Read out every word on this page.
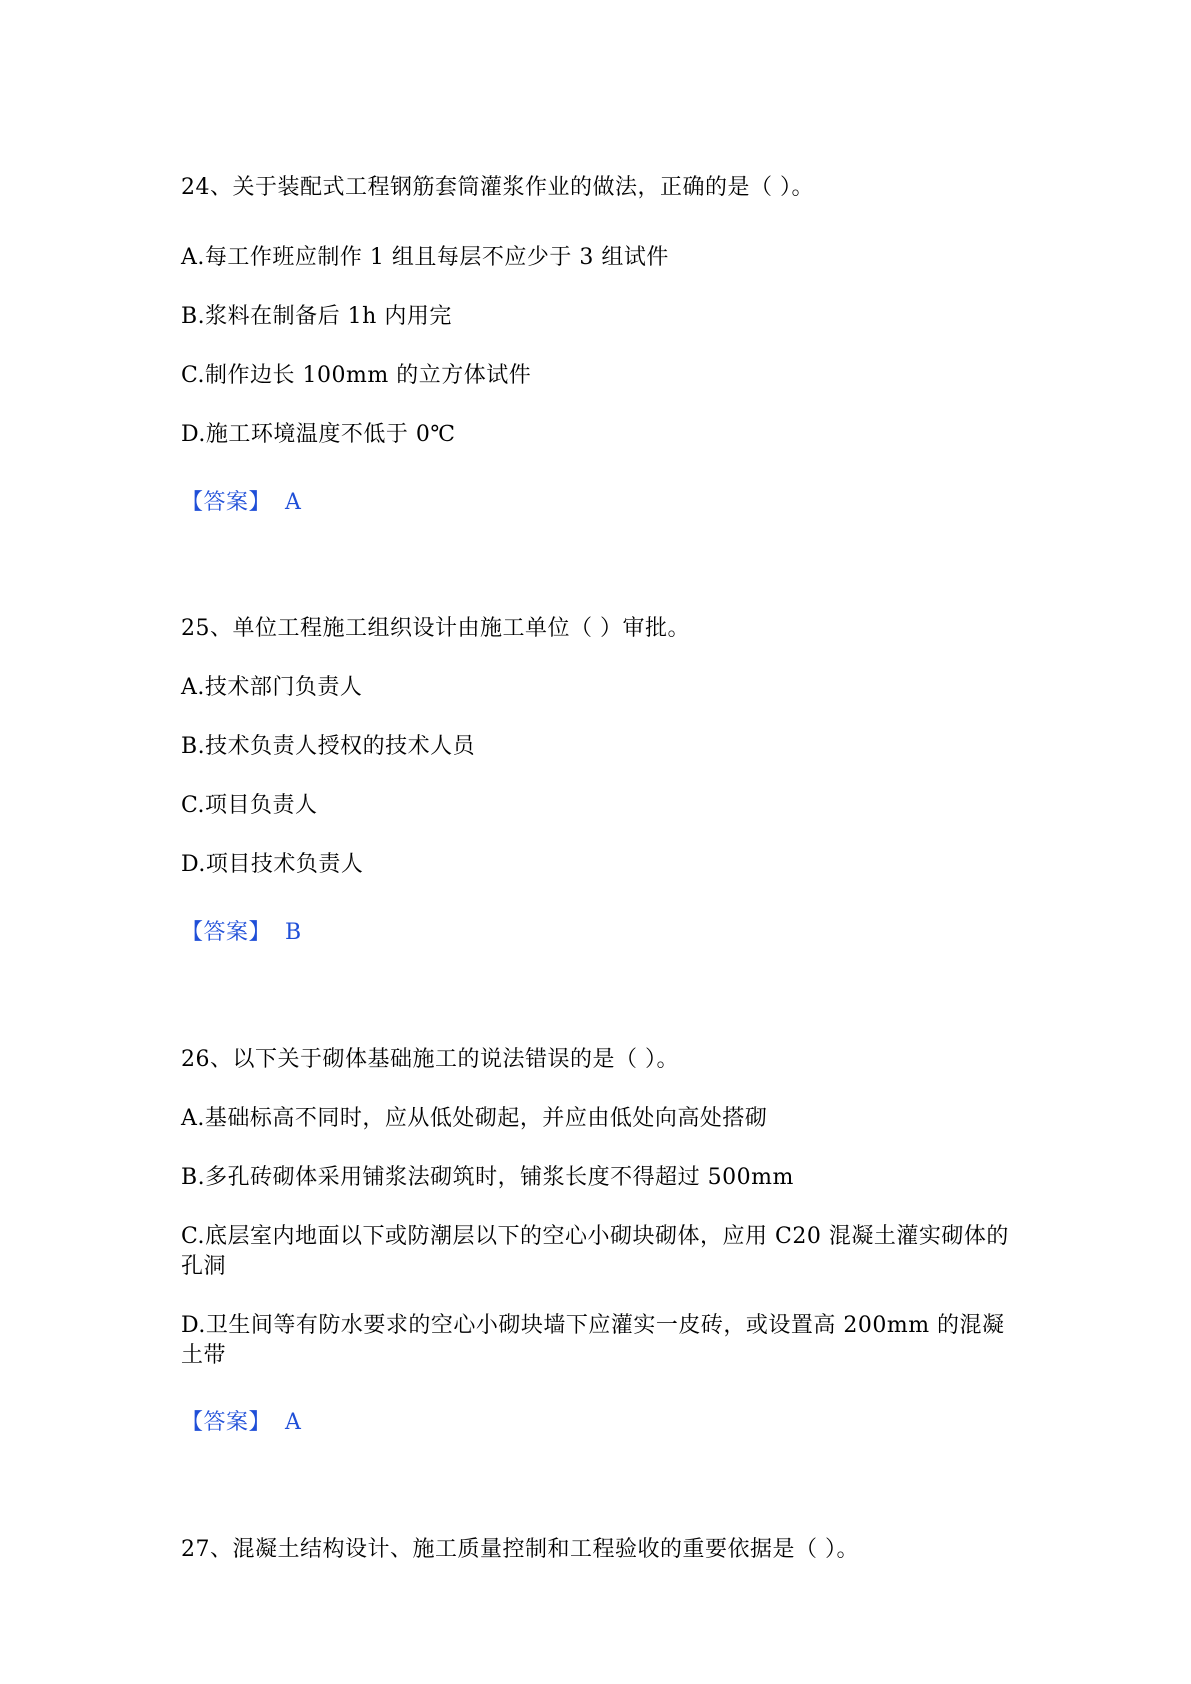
24、关于装配式工程钢筋套筒灌浆作业的做法，正确的是（ ）。
A.每工作班应制作 1 组且每层不应少于 3 组试件
B.浆料在制备后 1h 内用完
C.制作边长 100mm 的立方体试件
D.施工环境温度不低于 0℃
【答案】 A
25、单位工程施工组织设计由施工单位（ ）审批。
A.技术部门负责人
B.技术负责人授权的技术人员
C.项目负责人
D.项目技术负责人
【答案】 B
26、以下关于砌体基础施工的说法错误的是（ ）。
A.基础标高不同时，应从低处砌起，并应由低处向高处搭砌
B.多孔砖砌体采用铺浆法砌筑时，铺浆长度不得超过 500mm
C.底层室内地面以下或防潮层以下的空心小砌块砌体，应用 C20 混凝土灌实砌体的孔洞
D.卫生间等有防水要求的空心小砌块墙下应灌实一皮砖，或设置高 200mm 的混凝土带
【答案】 A
27、混凝土结构设计、施工质量控制和工程验收的重要依据是（ ）。
